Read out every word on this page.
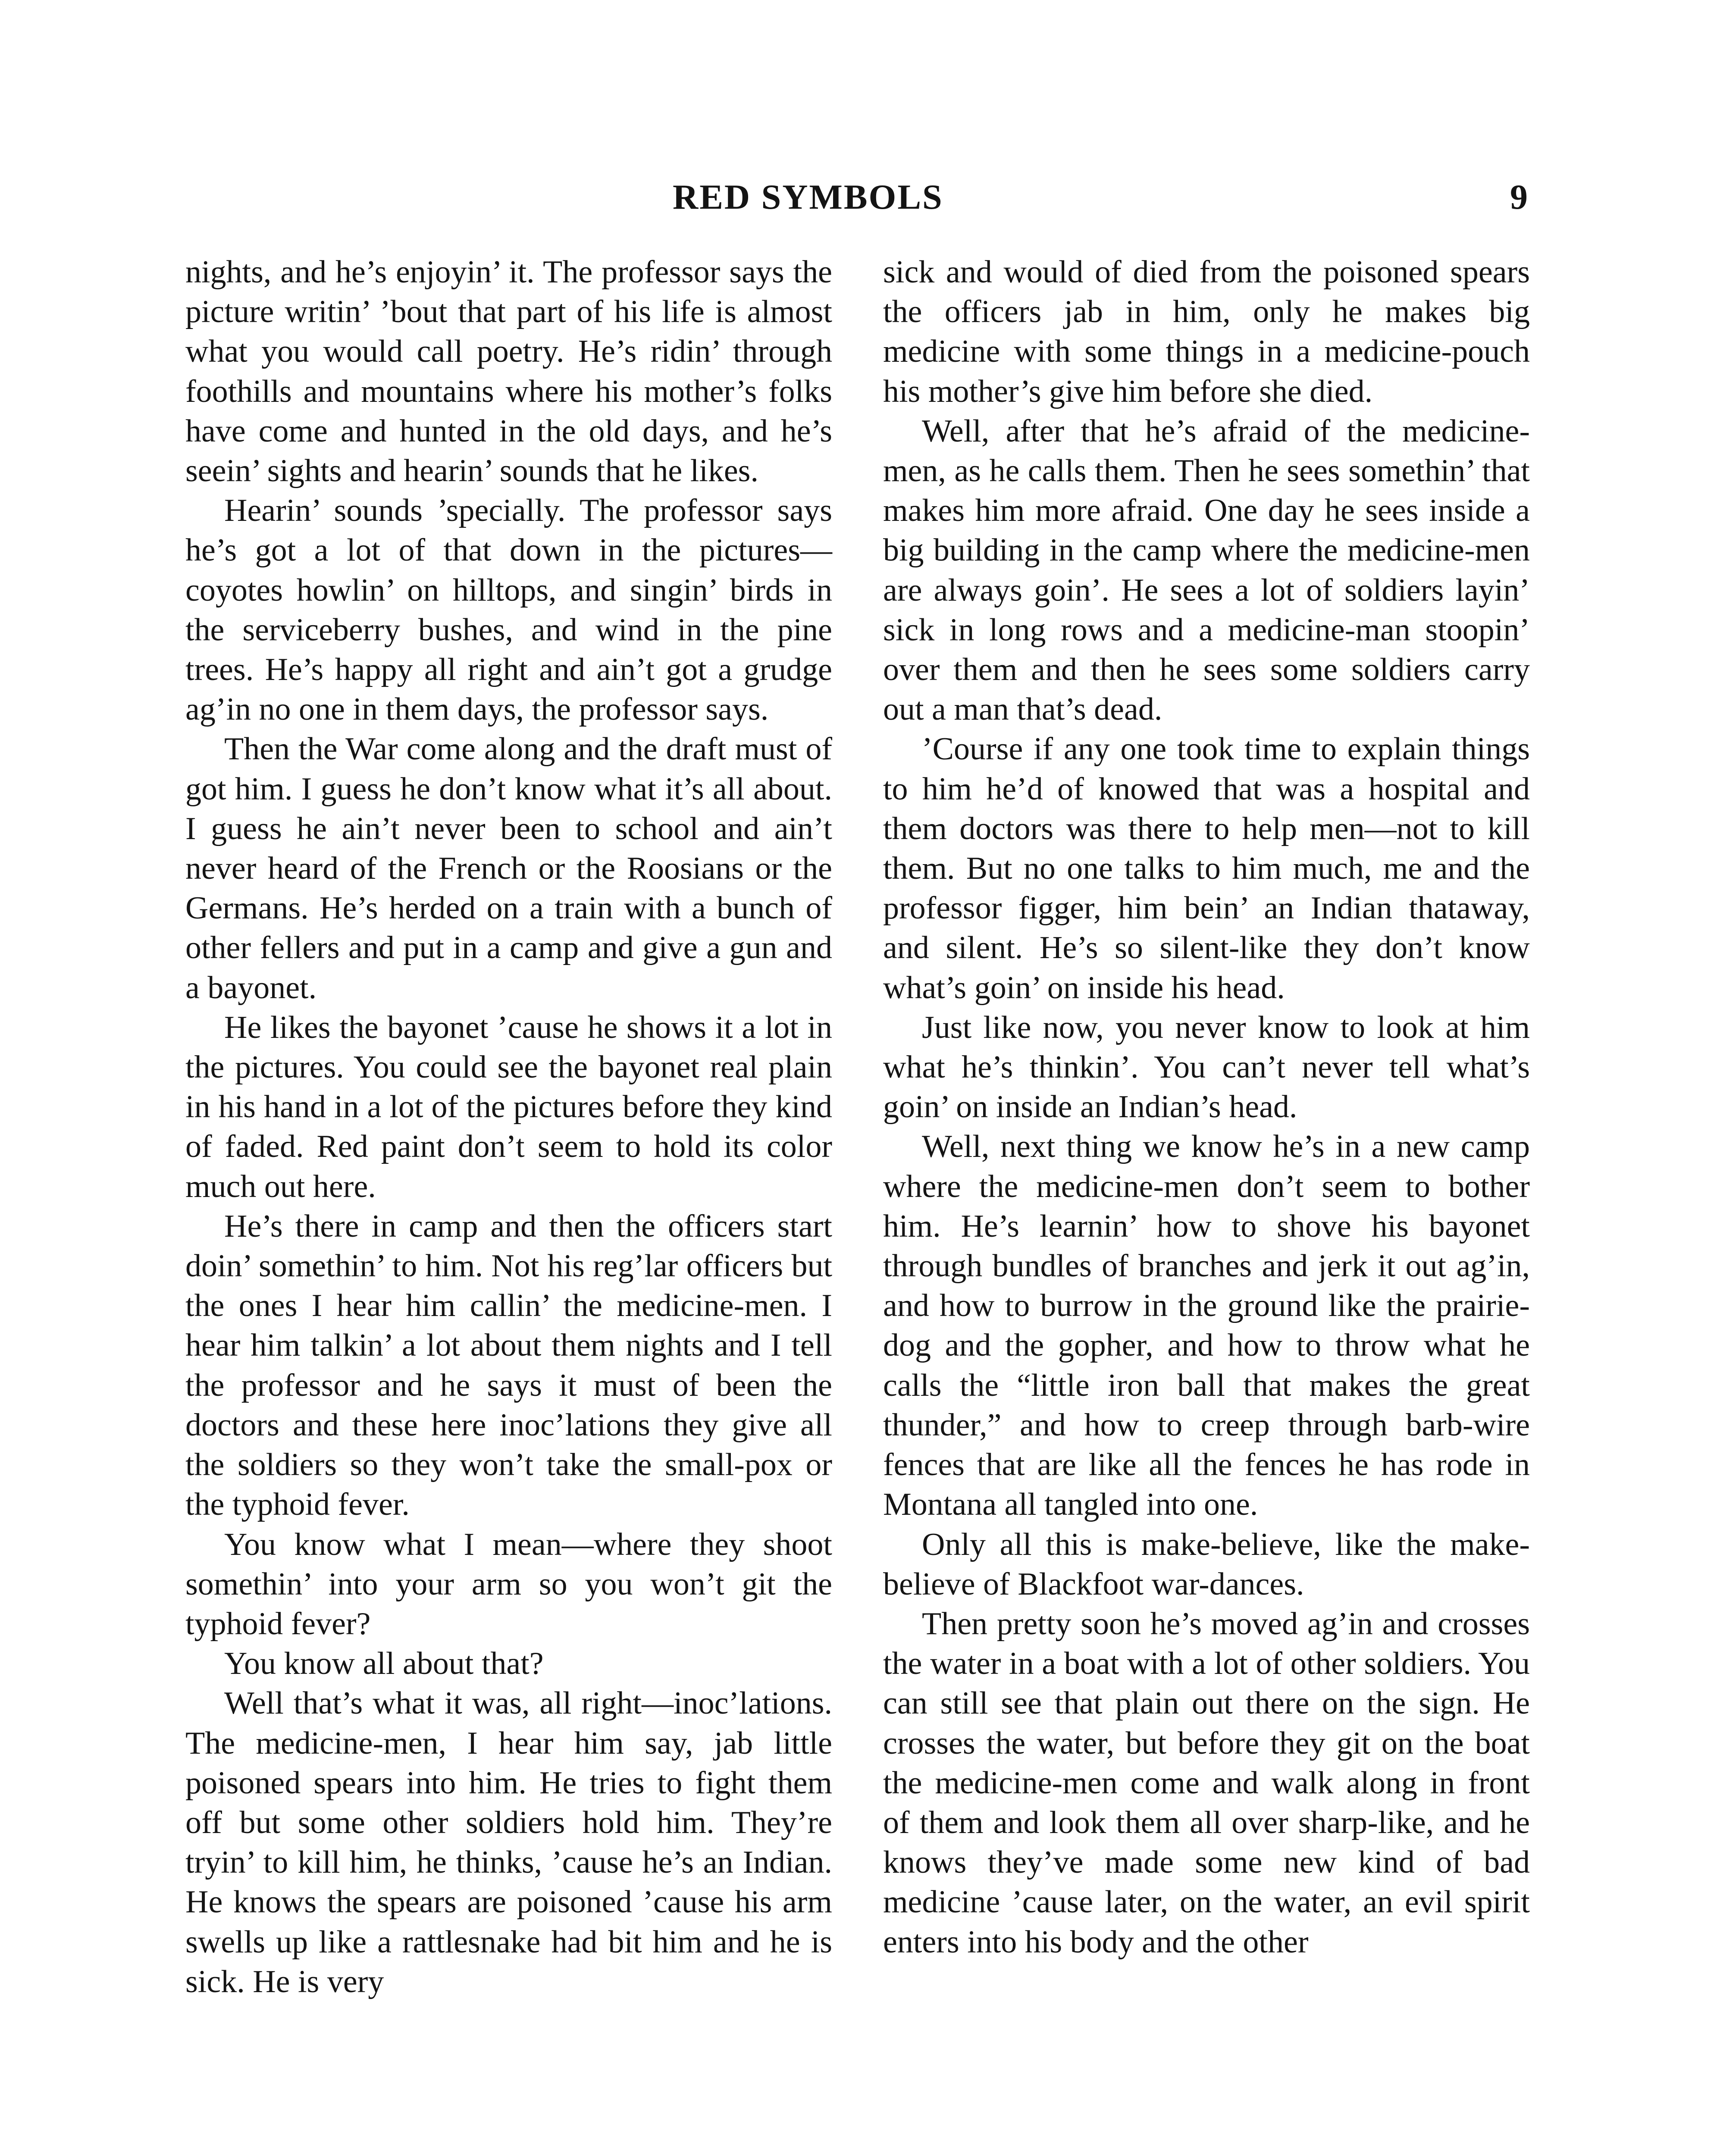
RED SYMBOLS	9

nights, and he’s enjoyin’ it. The professor says the picture writin’ ’bout that part of his life is almost what you would call poetry. He’s ridin’ through foothills and mountains where his mother’s folks have come and hunted in the old days, and he’s seein’ sights and hearin’ sounds that he likes.

Hearin’ sounds ’specially. The professor says he’s got a lot of that down in the pictures—coyotes howlin’ on hilltops, and singin’ birds in the serviceberry bushes, and wind in the pine trees. He’s happy all right and ain’t got a grudge ag’in no one in them days, the professor says.

Then the War come along and the draft must of got him. I guess he don’t know what it’s all about. I guess he ain’t never been to school and ain’t never heard of the French or the Roosians or the Germans. He’s herded on a train with a bunch of other fellers and put in a camp and give a gun and a bayonet.

He likes the bayonet ’cause he shows it a lot in the pictures. You could see the bayonet real plain in his hand in a lot of the pictures before they kind of faded. Red paint don’t seem to hold its color much out here.

He’s there in camp and then the officers start doin’ somethin’ to him. Not his reg’lar officers but the ones I hear him callin’ the medicine-men. I hear him talkin’ a lot about them nights and I tell the professor and he says it must of been the doctors and these here inoc’lations they give all the soldiers so they won’t take the small-pox or the typhoid fever.

You know what I mean—where they shoot somethin’ into your arm so you won’t git the typhoid fever?

You know all about that?

Well that’s what it was, all right—inoc’lations. The medicine-men, I hear him say, jab little poisoned spears into him. He tries to fight them off but some other soldiers hold him. They’re tryin’ to kill him, he thinks, ’cause he’s an Indian. He knows the spears are poisoned ’cause his arm swells up like a rattlesnake had bit him and he is sick. He is very

sick and would of died from the poisoned spears the officers jab in him, only he makes big medicine with some things in a medicine-pouch his mother’s give him before she died.

Well, after that he’s afraid of the medicine-men, as he calls them. Then he sees somethin’ that makes him more afraid. One day he sees inside a big building in the camp where the medicine-men are always goin’. He sees a lot of soldiers layin’ sick in long rows and a medicine-man stoopin’ over them and then he sees some soldiers carry out a man that’s dead.

’Course if any one took time to explain things to him he’d of knowed that was a hospital and them doctors was there to help men—not to kill them. But no one talks to him much, me and the professor figger, him bein’ an Indian thataway, and silent. He’s so silent-like they don’t know what’s goin’ on inside his head.

Just like now, you never know to look at him what he’s thinkin’. You can’t never tell what’s goin’ on inside an Indian’s head.

Well, next thing we know he’s in a new camp where the medicine-men don’t seem to bother him. He’s learnin’ how to shove his bayonet through bundles of branches and jerk it out ag’in, and how to burrow in the ground like the prairie-dog and the gopher, and how to throw what he calls the “little iron ball that makes the great thunder,” and how to creep through barb-wire fences that are like all the fences he has rode in Montana all tangled into one.

Only all this is make-believe, like the make-believe of Blackfoot war-dances.

Then pretty soon he’s moved ag’in and crosses the water in a boat with a lot of other soldiers. You can still see that plain out there on the sign. He crosses the water, but before they git on the boat the medicine-men come and walk along in front of them and look them all over sharp-like, and he knows they’ve made some new kind of bad medicine ’cause later, on the water, an evil spirit enters into his body and the other
